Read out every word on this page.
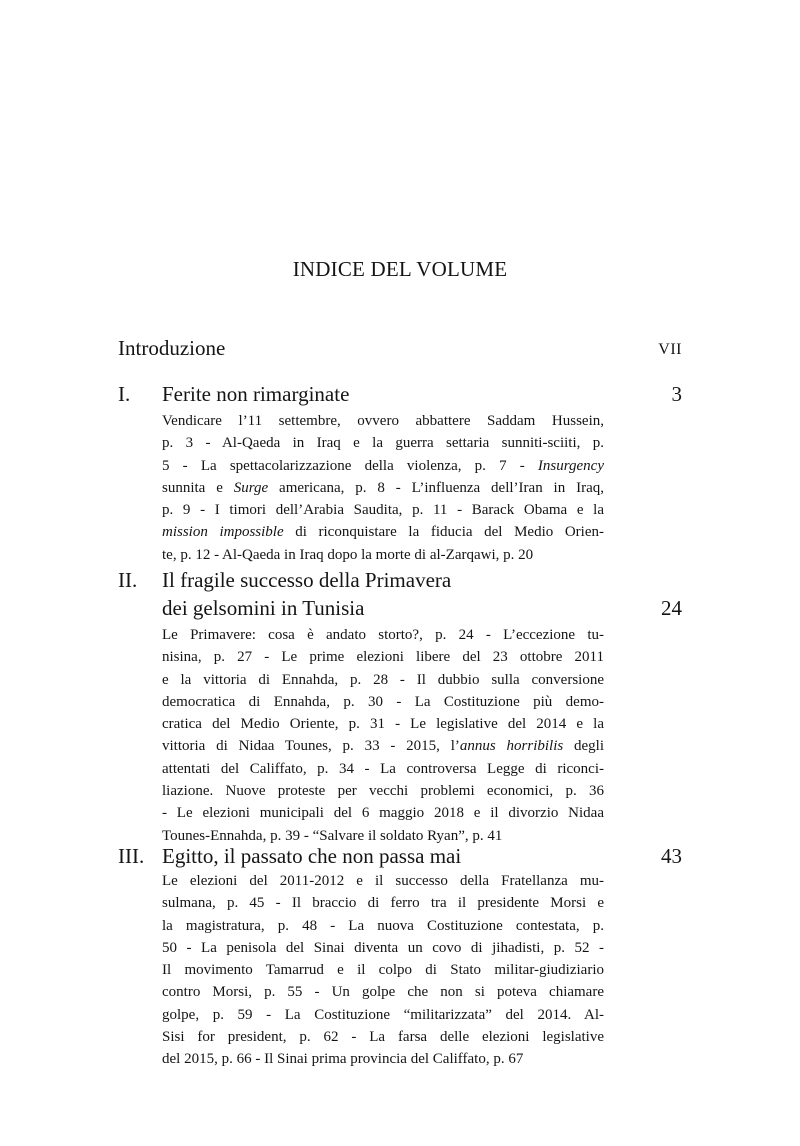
INDICE DEL VOLUME
Introduzione	VII
I. Ferite non rimarginate	3
Vendicare l’11 settembre, ovvero abbattere Saddam Hussein,
p. 3 - Al-Qaeda in Iraq e la guerra settaria sunniti-sciiti, p.
5 - La spettacolarizzazione della violenza, p. 7 - Insurgency
sunnita e Surge americana, p. 8 - L’influenza dell’Iran in Iraq,
p. 9 - I timori dell’Arabia Saudita, p. 11 - Barack Obama e la
mission impossible di riconquistare la fiducia del Medio Orien-
te, p. 12 - Al-Qaeda in Iraq dopo la morte di al-Zarqawi, p. 20
II. Il fragile successo della Primavera
dei gelsomini in Tunisia	24
Le Primavere: cosa è andato storto?, p. 24 - L’eccezione tu-
nisina, p. 27 - Le prime elezioni libere del 23 ottobre 2011
e la vittoria di Ennahda, p. 28 - Il dubbio sulla conversione
democratica di Ennahda, p. 30 - La Costituzione più demo-
cratica del Medio Oriente, p. 31 - Le legislative del 2014 e la
vittoria di Nidaa Tounes, p. 33 - 2015, l’annus horribilis degli
attentati del Califfato, p. 34 - La controversa Legge di riconci-
liazione. Nuove proteste per vecchi problemi economici, p. 36
- Le elezioni municipali del 6 maggio 2018 e il divorzio Nidaa
Tounes-Ennahda, p. 39 - “Salvare il soldato Ryan”, p. 41
III. Egitto, il passato che non passa mai	43
Le elezioni del 2011-2012 e il successo della Fratellanza mu-
sulmana, p. 45 - Il braccio di ferro tra il presidente Morsi e
la magistratura, p. 48 - La nuova Costituzione contestata, p.
50 - La penisola del Sinai diventa un covo di jihadisti, p. 52 -
Il movimento Tamarrud e il colpo di Stato militar-giudiziario
contro Morsi, p. 55 - Un golpe che non si poteva chiamare
golpe, p. 59 - La Costituzione “militarizzata” del 2014. Al-
Sisi for president, p. 62 - La farsa delle elezioni legislative
del 2015, p. 66 - Il Sinai prima provincia del Califfato, p. 67
